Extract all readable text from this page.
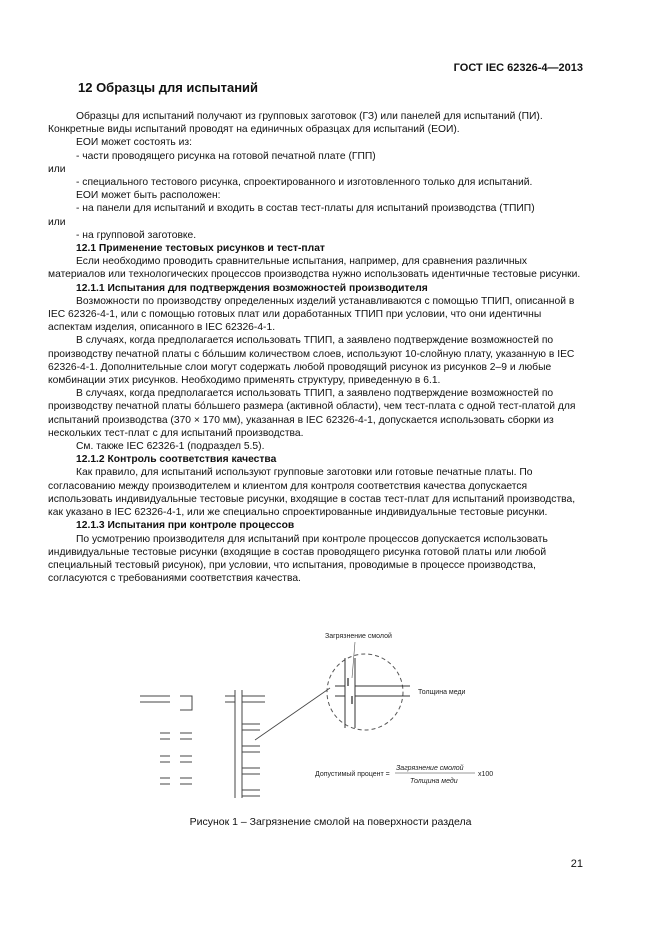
ГОСТ IEC 62326-4—2013
12 Образцы для испытаний

Образцы для испытаний получают из групповых заготовок (ГЗ) или панелей для испытаний (ПИ). Конкретные виды испытаний проводят на единичных образцах для испытаний (ЕОИ).

ЕОИ может состоять из:

- части проводящего рисунка на готовой печатной плате (ГПП)

или

- специального тестового рисунка, спроектированного и изготовленного только для испытаний.

ЕОИ может быть расположен:

- на панели для испытаний и входить в состав тест-платы для испытаний производства (ТПИП)

или

- на групповой заготовке.

12.1 Применение тестовых рисунков и тест-плат

Если необходимо проводить сравнительные испытания, например, для сравнения различных материалов или технологических процессов производства нужно использовать идентичные тестовые рисунки.

12.1.1 Испытания для подтверждения возможностей производителя

Возможности по производству определенных изделий устанавливаются с помощью ТПИП, описанной в IEC 62326-4-1, или с помощью готовых плат или доработанных ТПИП при условии, что они идентичны аспектам изделия, описанного в IEC 62326-4-1.

В случаях, когда предполагается использовать ТПИП, а заявлено подтверждение возможностей по производству печатной платы с бо́льшим количеством слоев, используют 10-слойную плату, указанную в IEC 62326-4-1. Дополнительные слои могут содержать любой проводящий рисунок из рисунков 2–9 и любые комбинации этих рисунков. Необходимо применять структуру, приведенную в 6.1.

В случаях, когда предполагается использовать ТПИП, а заявлено подтверждение возможностей по производству печатной платы бо́льшего размера (активной области), чем тест-плата с одной тест-платой для испытаний производства (370 × 170 мм), указанная в IEC 62326-4-1, допускается использовать сборки из нескольких тест-плат с для испытаний производства.

См. также IEC 62326-1 (подраздел 5.5).

12.1.2 Контроль соответствия качества

Как правило, для испытаний используют групповые заготовки или готовые печатные платы. По согласованию между производителем и клиентом для контроля соответствия качества допускается использовать индивидуальные тестовые рисунки, входящие в состав тест-плат для испытаний производства, как указано в IEC 62326-4-1, или же специально спроектированные индивидуальные тестовые рисунки.

12.1.3 Испытания при контроле процессов

По усмотрению производителя для испытаний при контроле процессов допускается использовать индивидуальные тестовые рисунки (входящие в состав проводящего рисунка готовой платы или любой специальный тестовый рисунок), при условии, что испытания, проводимые в процессе производства, согласуются с требованиями соответствия качества.

Загрязнение смолой
Толщина меди
Допустимый процент =
Загрязнение смолой
Толщина меди
x100
Рисунок 1 – Загрязнение смолой на поверхности раздела
21
